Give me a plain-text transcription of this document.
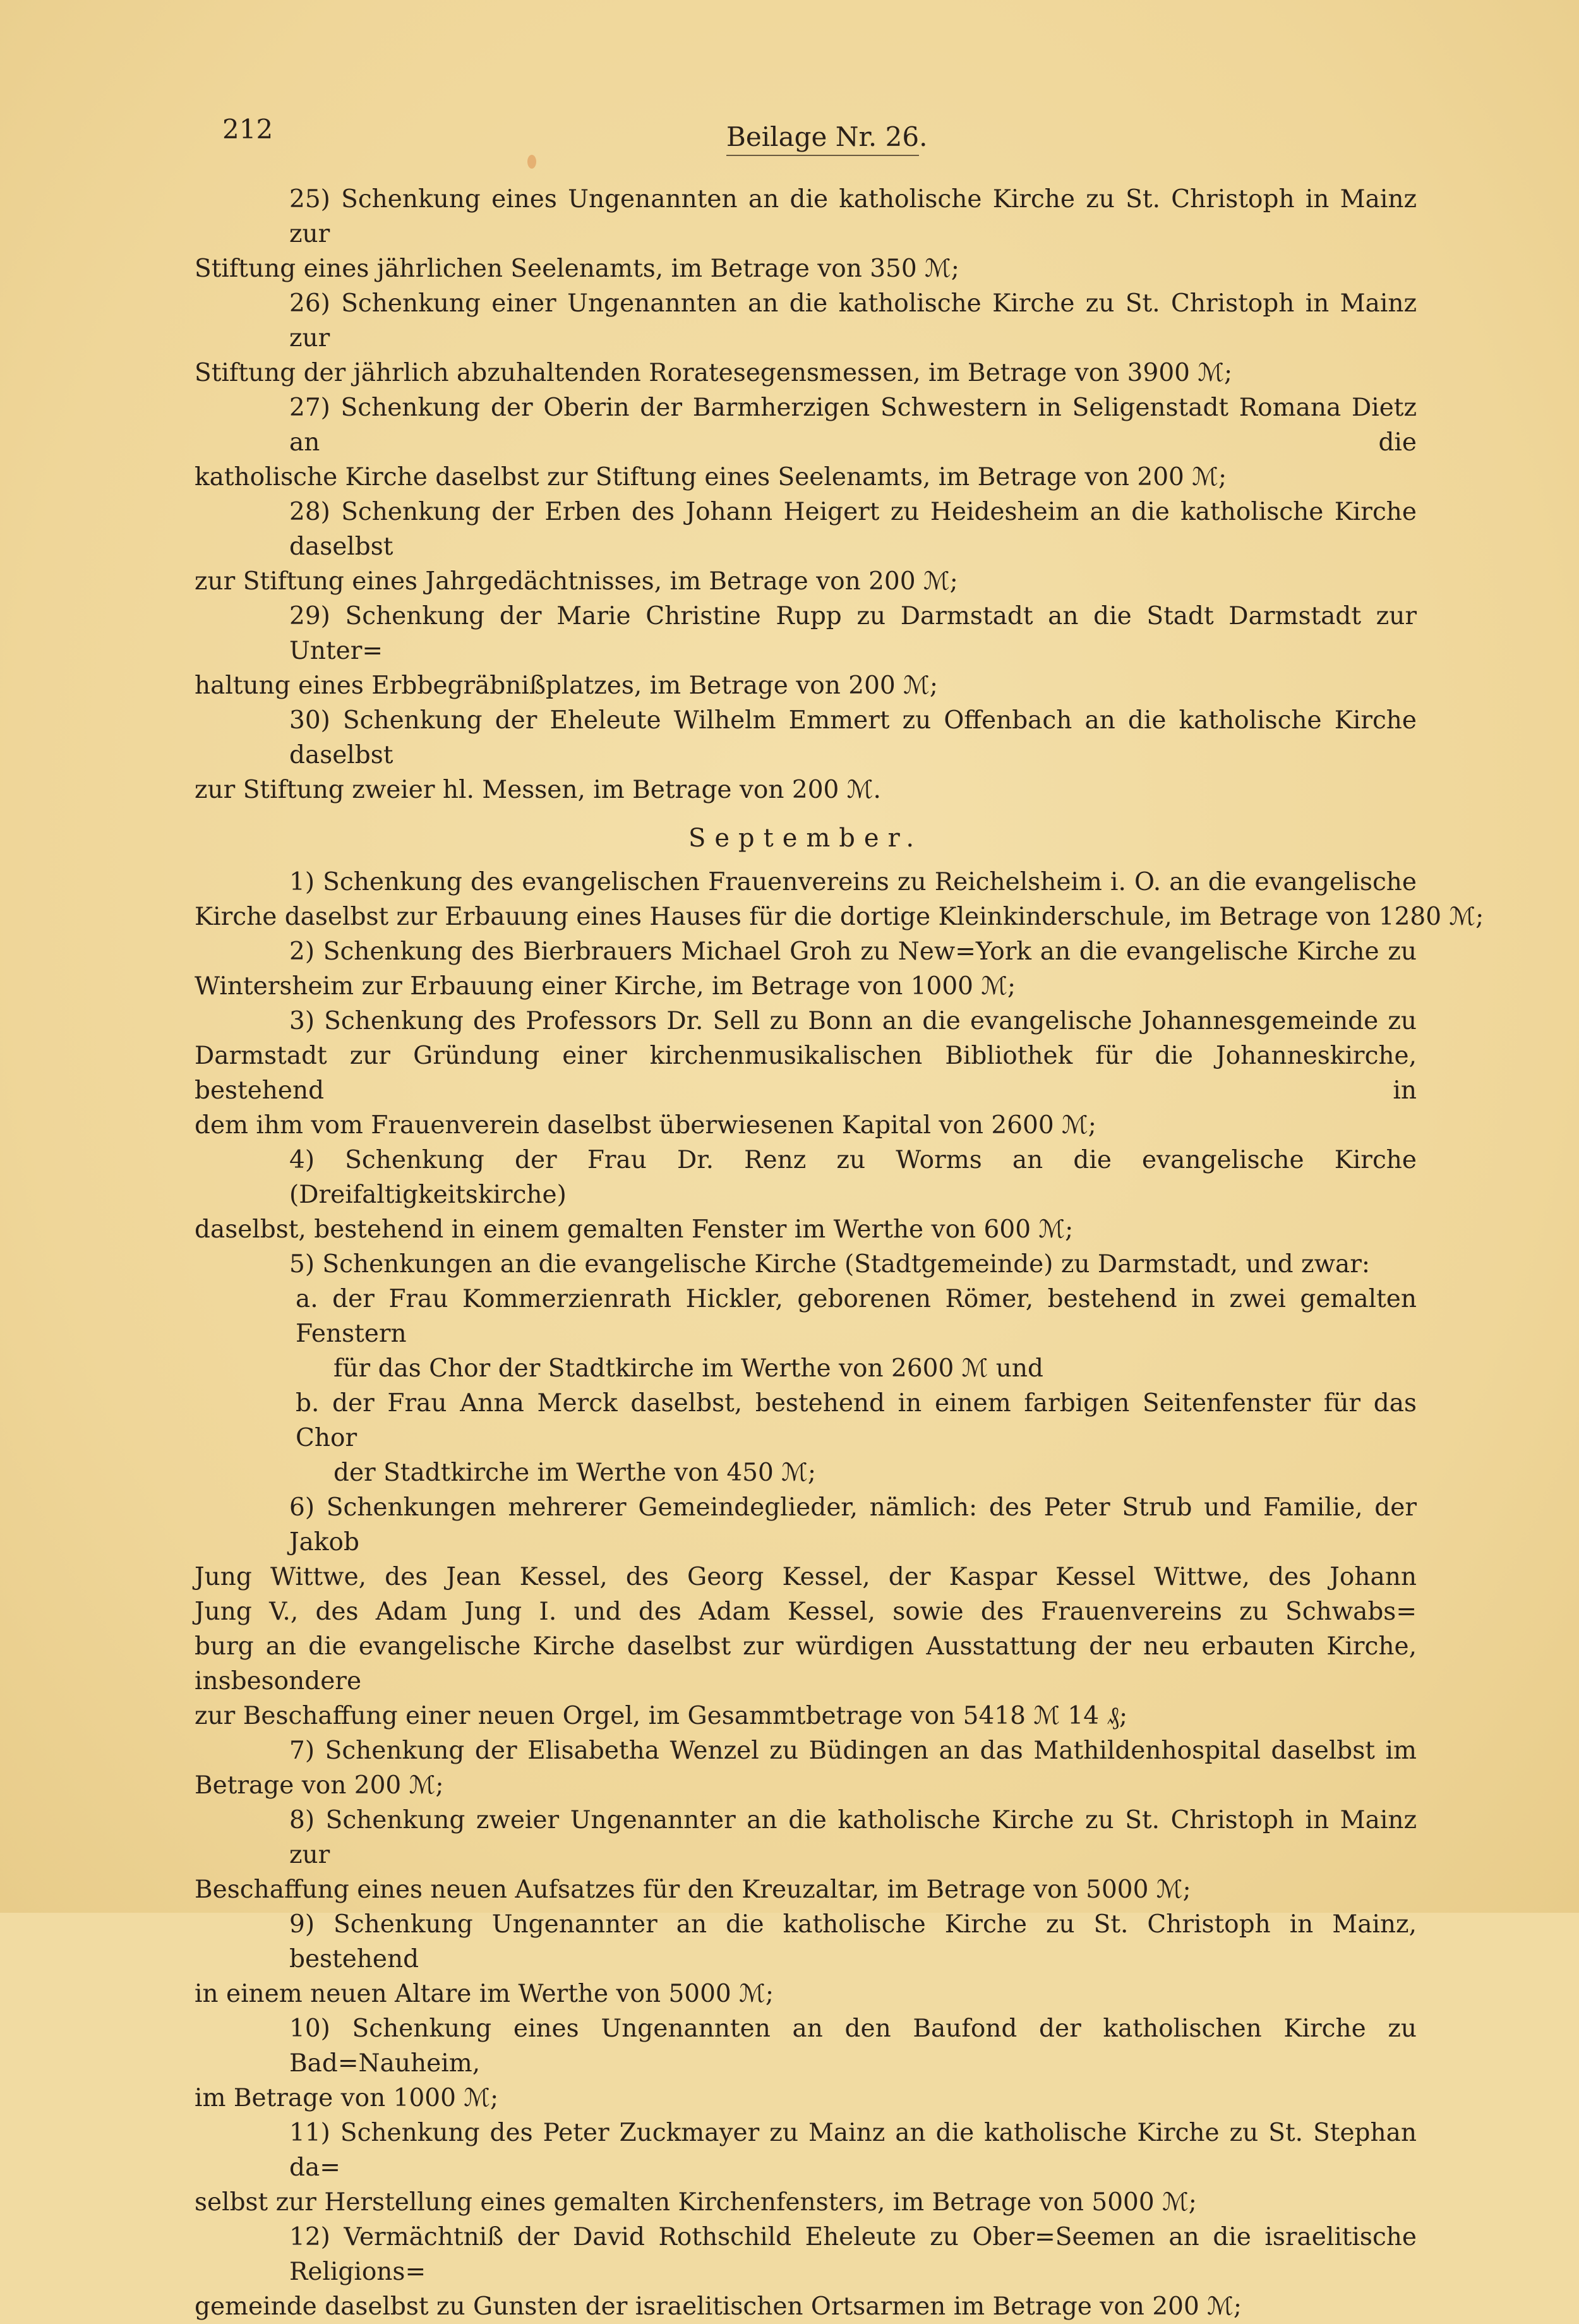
212	Beilage Nr. 26.
25) Schenkung eines Ungenannten an die katholische Kirche zu St. Christoph in Mainz zur
Stiftung eines jährlichen Seelenamts, im Betrage von 350 ℳ;
26) Schenkung einer Ungenannten an die katholische Kirche zu St. Christoph in Mainz zur
Stiftung der jährlich abzuhaltenden Roratesegensmessen, im Betrage von 3900 ℳ;
27) Schenkung der Oberin der Barmherzigen Schwestern in Seligenstadt Romana Dietz an die
katholische Kirche daselbst zur Stiftung eines Seelenamts, im Betrage von 200 ℳ;
28) Schenkung der Erben des Johann Heigert zu Heidesheim an die katholische Kirche daselbst
zur Stiftung eines Jahrgedächtnisses, im Betrage von 200 ℳ;
29) Schenkung der Marie Christine Rupp zu Darmstadt an die Stadt Darmstadt zur Unter=
haltung eines Erbbegräbnißplatzes, im Betrage von 200 ℳ;
30) Schenkung der Eheleute Wilhelm Emmert zu Offenbach an die katholische Kirche daselbst
zur Stiftung zweier hl. Messen, im Betrage von 200 ℳ.
September.
1) Schenkung des evangelischen Frauenvereins zu Reichelsheim i. O. an die evangelische
Kirche daselbst zur Erbauung eines Hauses für die dortige Kleinkinderschule, im Betrage von 1280 ℳ;
2) Schenkung des Bierbrauers Michael Groh zu New=York an die evangelische Kirche zu
Wintersheim zur Erbauung einer Kirche, im Betrage von 1000 ℳ;
3) Schenkung des Professors Dr. Sell zu Bonn an die evangelische Johannesgemeinde zu
Darmstadt zur Gründung einer kirchenmusikalischen Bibliothek für die Johanneskirche, bestehend in
dem ihm vom Frauenverein daselbst überwiesenen Kapital von 2600 ℳ;
4) Schenkung der Frau Dr. Renz zu Worms an die evangelische Kirche (Dreifaltigkeitskirche)
daselbst, bestehend in einem gemalten Fenster im Werthe von 600 ℳ;
5) Schenkungen an die evangelische Kirche (Stadtgemeinde) zu Darmstadt, und zwar:
a. der Frau Kommerzienrath Hickler, geborenen Römer, bestehend in zwei gemalten Fenstern
für das Chor der Stadtkirche im Werthe von 2600 ℳ und
b. der Frau Anna Merck daselbst, bestehend in einem farbigen Seitenfenster für das Chor
der Stadtkirche im Werthe von 450 ℳ;
6) Schenkungen mehrerer Gemeindeglieder, nämlich: des Peter Strub und Familie, der Jakob
Jung Wittwe, des Jean Kessel, des Georg Kessel, der Kaspar Kessel Wittwe, des Johann
Jung V., des Adam Jung I. und des Adam Kessel, sowie des Frauenvereins zu Schwabs=
burg an die evangelische Kirche daselbst zur würdigen Ausstattung der neu erbauten Kirche, insbesondere
zur Beschaffung einer neuen Orgel, im Gesammtbetrage von 5418 ℳ 14 ₰;
7) Schenkung der Elisabetha Wenzel zu Büdingen an das Mathildenhospital daselbst im
Betrage von 200 ℳ;
8) Schenkung zweier Ungenannter an die katholische Kirche zu St. Christoph in Mainz zur
Beschaffung eines neuen Aufsatzes für den Kreuzaltar, im Betrage von 5000 ℳ;
9) Schenkung Ungenannter an die katholische Kirche zu St. Christoph in Mainz, bestehend
in einem neuen Altare im Werthe von 5000 ℳ;
10) Schenkung eines Ungenannten an den Baufond der katholischen Kirche zu Bad=Nauheim,
im Betrage von 1000 ℳ;
11) Schenkung des Peter Zuckmayer zu Mainz an die katholische Kirche zu St. Stephan da=
selbst zur Herstellung eines gemalten Kirchenfensters, im Betrage von 5000 ℳ;
12) Vermächtniß der David Rothschild Eheleute zu Ober=Seemen an die israelitische Religions=
gemeinde daselbst zu Gunsten der israelitischen Ortsarmen im Betrage von 200 ℳ;
